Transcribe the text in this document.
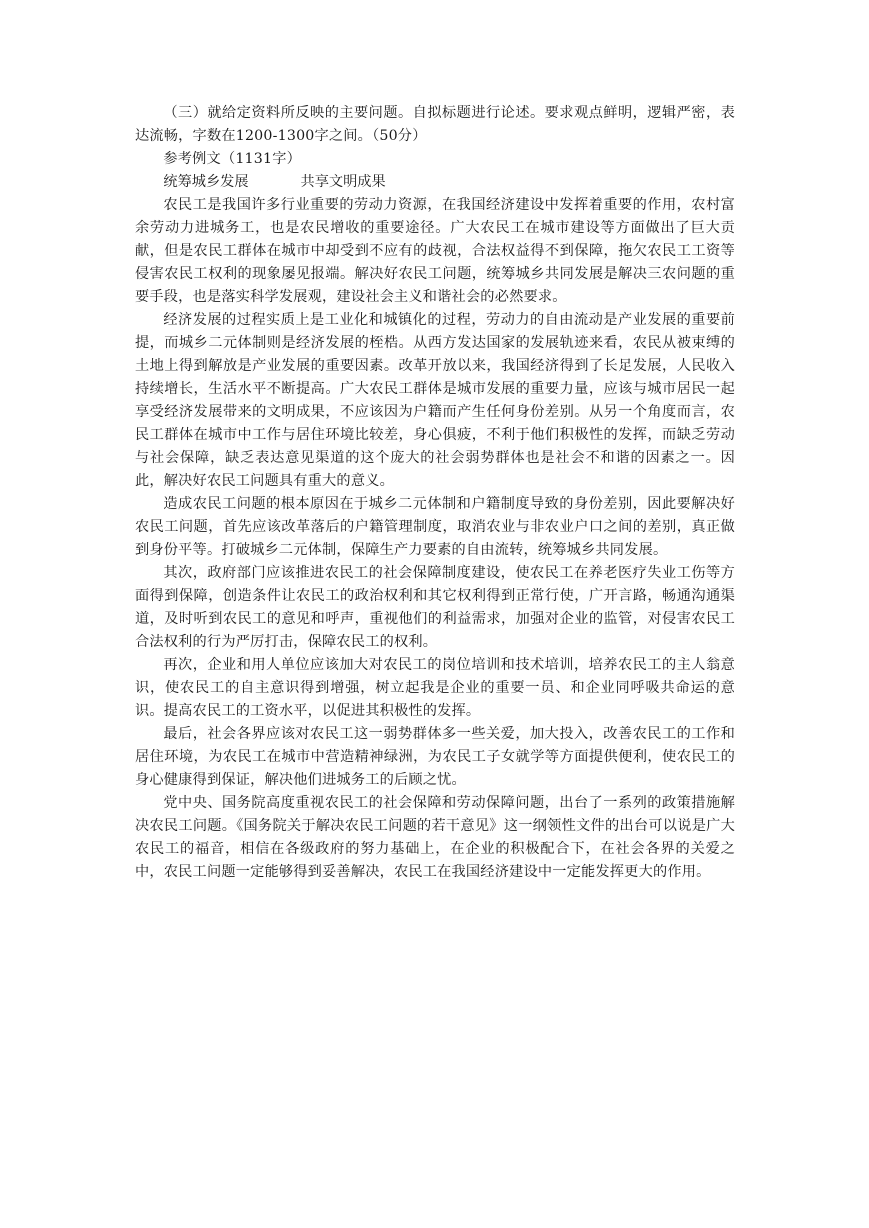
（三）就给定资料所反映的主要问题。自拟标题进行论述。要求观点鲜明，逻辑严密，表达流畅，字数在1200-1300字之间。（50分）

参考例文（1131字）

统筹城乡发展	共享文明成果

农民工是我国许多行业重要的劳动力资源，在我国经济建设中发挥着重要的作用，农村富余劳动力进城务工，也是农民增收的重要途径。广大农民工在城市建设等方面做出了巨大贡献，但是农民工群体在城市中却受到不应有的歧视，合法权益得不到保障，拖欠农民工工资等侵害农民工权利的现象屡见报端。解决好农民工问题，统筹城乡共同发展是解决三农问题的重要手段，也是落实科学发展观，建设社会主义和谐社会的必然要求。

经济发展的过程实质上是工业化和城镇化的过程，劳动力的自由流动是产业发展的重要前提，而城乡二元体制则是经济发展的桎梏。从西方发达国家的发展轨迹来看，农民从被束缚的土地上得到解放是产业发展的重要因素。改革开放以来，我国经济得到了长足发展，人民收入持续增长，生活水平不断提高。广大农民工群体是城市发展的重要力量，应该与城市居民一起享受经济发展带来的文明成果，不应该因为户籍而产生任何身份差别。从另一个角度而言，农民工群体在城市中工作与居住环境比较差，身心俱疲，不利于他们积极性的发挥，而缺乏劳动与社会保障，缺乏表达意见渠道的这个庞大的社会弱势群体也是社会不和谐的因素之一。因此，解决好农民工问题具有重大的意义。

造成农民工问题的根本原因在于城乡二元体制和户籍制度导致的身份差别，因此要解决好农民工问题，首先应该改革落后的户籍管理制度，取消农业与非农业户口之间的差别，真正做到身份平等。打破城乡二元体制，保障生产力要素的自由流转，统筹城乡共同发展。

其次，政府部门应该推进农民工的社会保障制度建设，使农民工在养老医疗失业工伤等方面得到保障，创造条件让农民工的政治权利和其它权利得到正常行使，广开言路，畅通沟通渠道，及时听到农民工的意见和呼声，重视他们的利益需求，加强对企业的监管，对侵害农民工合法权利的行为严厉打击，保障农民工的权利。

再次，企业和用人单位应该加大对农民工的岗位培训和技术培训，培养农民工的主人翁意识，使农民工的自主意识得到增强，树立起我是企业的重要一员、和企业同呼吸共命运的意识。提高农民工的工资水平，以促进其积极性的发挥。

最后，社会各界应该对农民工这一弱势群体多一些关爱，加大投入，改善农民工的工作和居住环境，为农民工在城市中营造精神绿洲，为农民工子女就学等方面提供便利，使农民工的身心健康得到保证，解决他们进城务工的后顾之忧。

党中央、国务院高度重视农民工的社会保障和劳动保障问题，出台了一系列的政策措施解决农民工问题。《国务院关于解决农民工问题的若干意见》这一纲领性文件的出台可以说是广大农民工的福音，相信在各级政府的努力基础上，在企业的积极配合下，在社会各界的关爱之中，农民工问题一定能够得到妥善解决，农民工在我国经济建设中一定能发挥更大的作用。
